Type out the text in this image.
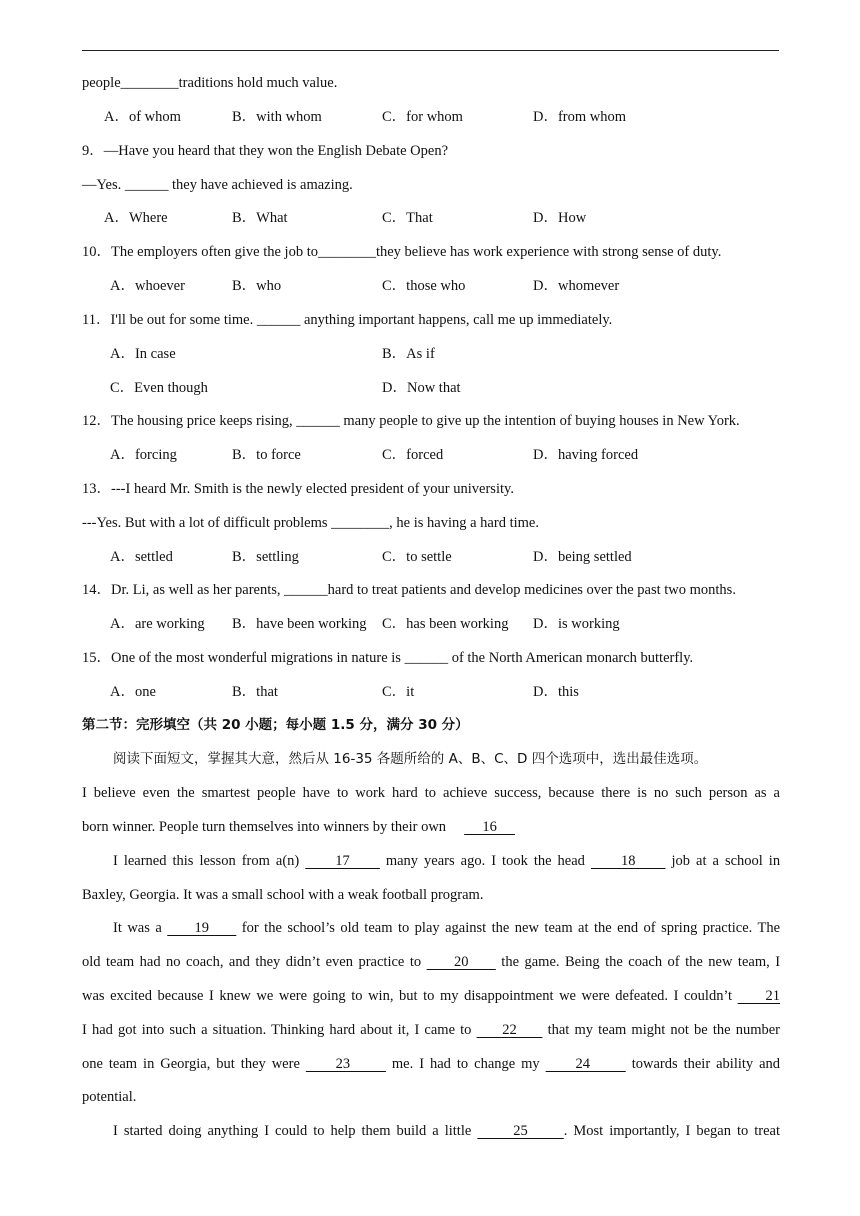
people________traditions hold much value.
A．of whom	B．with whom	C．for whom	D．from whom
9．—Have you heard that they won the English Debate Open?
—Yes. ______ they have achieved is amazing.
A．Where	B．What	C．That	D．How
10．The employers often give the job to________they believe has work experience with strong sense of duty.
A．whoever	B．who	C．those who	D．whomever
11．I'll be out for some time. ______ anything important happens, call me up immediately.
A．In case	B．As if
C．Even though	D．Now that
12．The housing price keeps rising, ______ many people to give up the intention of buying houses in New York.
A．forcing	B．to force	C．forced	D．having forced
13．---I heard Mr. Smith is the newly elected president of your university.
---Yes. But with a lot of difficult problems ________, he is having a hard time.
A．settled	B．settling	C．to settle	D．being settled
14．Dr. Li, as well as her parents, ______hard to treat patients and develop medicines over the past two months.
A．are working B．have been working C．has been working D．is working
15．One of the most wonderful migrations in nature is ______ of the North American monarch butterfly.
A．one	B．that	C．it	D．this
第二节：完形填空（共 20 小题；每小题 1.5 分，满分 30 分）
阅读下面短文，掌握其大意，然后从 16-35 各题所给的 A、B、C、D 四个选项中，选出最佳选项。
I believe even the smartest people have to work hard to achieve success, because there is no such person as a
born winner. People turn themselves into winners by their own          16
I learned this lesson from a(n)      17      many years ago. I took the head      18      job at a school in
Baxley, Georgia. It was a small school with a weak football program.
It was a      19      for the school’s old team to play against the new team at the end of spring practice. The
old team had no coach, and they didn’t even practice to      20      the game. Being the coach of the new team, I
was excited because I knew we were going to win, but to my disappointment we were defeated. I couldn’t      21
I had got into such a situation. Thinking hard about it, I came to      22      that my team might not be the number
one team in Georgia, but they were      23       me. I had to change my      24       towards their ability and
potential.
I started doing anything I could to help them build a little       25      . Most importantly, I began to treat
